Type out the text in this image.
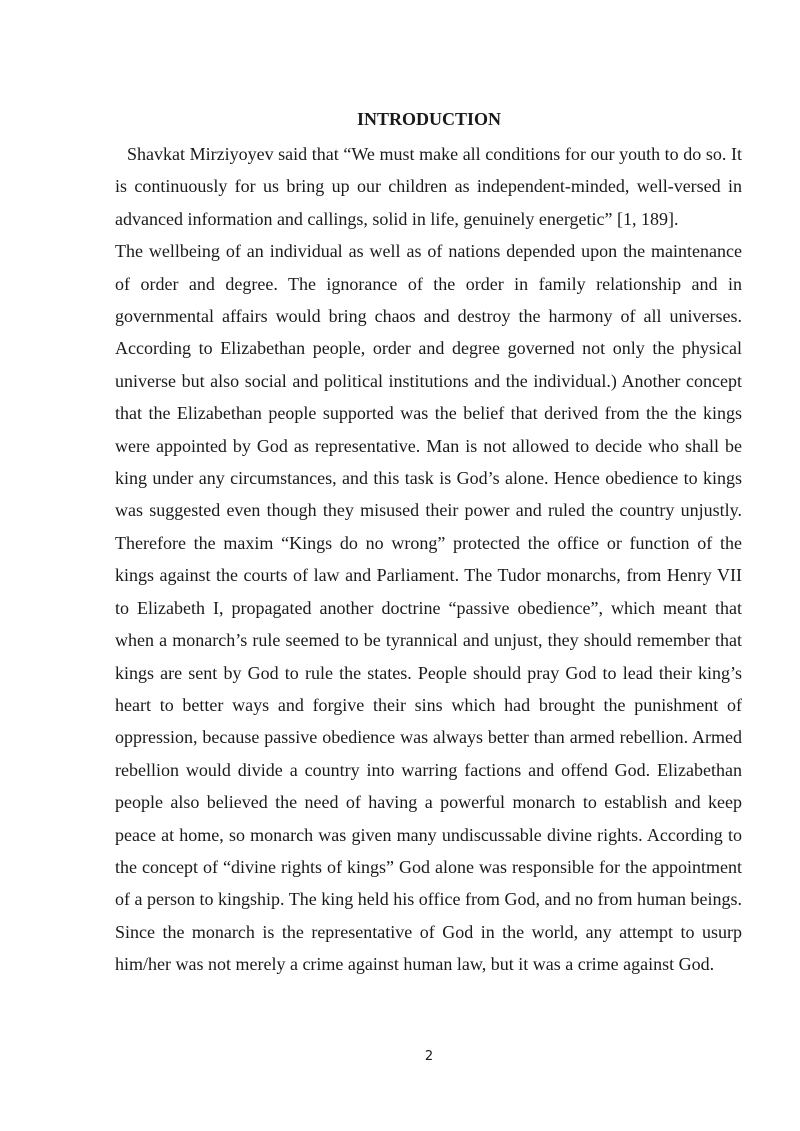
INTRODUCTION

Shavkat Mirziyoyev said that “We must make all conditions for our youth to do so. It is continuously for us bring up our children as independent-minded, well-versed in advanced information and callings, solid in life, genuinely energetic” [1, 189].

The wellbeing of an individual as well as of nations depended upon the maintenance of order and degree. The ignorance of the order in family relationship and in governmental affairs would bring chaos and destroy the harmony of all universes. According to Elizabethan people, order and degree governed not only the physical universe but also social and political institutions and the individual.) Another concept that the Elizabethan people supported was the belief that derived from the the kings were appointed by God as representative. Man is not allowed to decide who shall be king under any circumstances, and this task is God’s alone. Hence obedience to kings was suggested even though they misused their power and ruled the country unjustly. Therefore the maxim “Kings do no wrong” protected the office or function of the kings against the courts of law and Parliament. The Tudor monarchs, from Henry VII to Elizabeth I, propagated another doctrine “passive obedience”, which meant that when a monarch’s rule seemed to be tyrannical and unjust, they should remember that kings are sent by God to rule the states. People should pray God to lead their king’s heart to better ways and forgive their sins which had brought the punishment of oppression, because passive obedience was always better than armed rebellion. Armed rebellion would divide a country into warring factions and offend God. Elizabethan people also believed the need of having a powerful monarch to establish and keep peace at home, so monarch was given many undiscussable divine rights. According to the concept of “divine rights of kings” God alone was responsible for the appointment of a person to kingship. The king held his office from God, and no from human beings. Since the monarch is the representative of God in the world, any attempt to usurp him/her was not merely a crime against human law, but it was a crime against God.

2
